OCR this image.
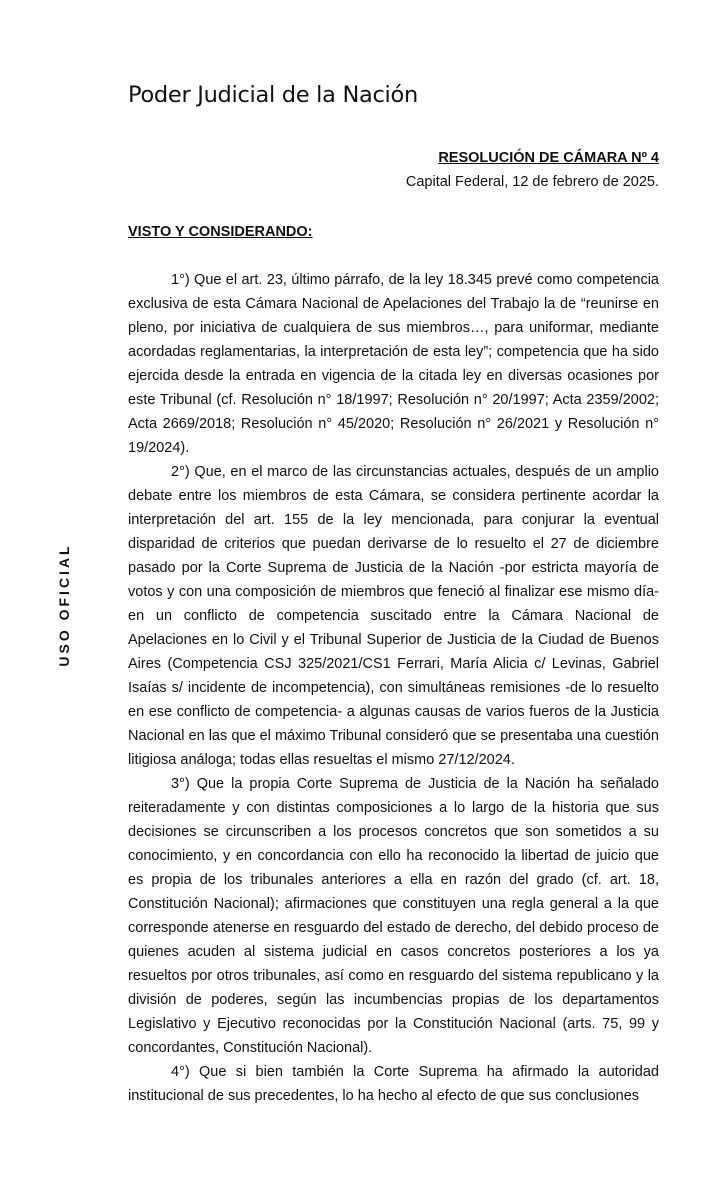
Poder Judicial de la Nación
USO OFICIAL
RESOLUCIÓN DE CÁMARA Nº 4
Capital Federal, 12 de febrero de 2025.
VISTO Y CONSIDERANDO:

1°) Que el art. 23, último párrafo, de la ley 18.345 prevé como competencia exclusiva de esta Cámara Nacional de Apelaciones del Trabajo la de “reunirse en pleno, por iniciativa de cualquiera de sus miembros…, para uniformar, mediante acordadas reglamentarias, la interpretación de esta ley”; competencia que ha sido ejercida desde la entrada en vigencia de la citada ley en diversas ocasiones por este Tribunal (cf. Resolución n° 18/1997; Resolución n° 20/1997; Acta 2359/2002; Acta 2669/2018; Resolución n° 45/2020; Resolución n° 26/2021 y Resolución n° 19/2024).

2°) Que, en el marco de las circunstancias actuales, después de un amplio debate entre los miembros de esta Cámara, se considera pertinente acordar la interpretación del art. 155 de la ley mencionada, para conjurar la eventual disparidad de criterios que puedan derivarse de lo resuelto el 27 de diciembre pasado por la Corte Suprema de Justicia de la Nación -por estricta mayoría de votos y con una composición de miembros que feneció al finalizar ese mismo día- en un conflicto de competencia suscitado entre la Cámara Nacional de Apelaciones en lo Civil y el Tribunal Superior de Justicia de la Ciudad de Buenos Aires (Competencia CSJ 325/2021/CS1 Ferrari, María Alicia c/ Levinas, Gabriel Isaías s/ incidente de incompetencia), con simultáneas remisiones -de lo resuelto en ese conflicto de competencia- a algunas causas de varios fueros de la Justicia Nacional en las que el máximo Tribunal consideró que se presentaba una cuestión litigiosa análoga; todas ellas resueltas el mismo 27/12/2024.

3°) Que la propia Corte Suprema de Justicia de la Nación ha señalado reiteradamente y con distintas composiciones a lo largo de la historia que sus decisiones se circunscriben a los procesos concretos que son sometidos a su conocimiento, y en concordancia con ello ha reconocido la libertad de juicio que es propia de los tribunales anteriores a ella en razón del grado (cf. art. 18, Constitución Nacional); afirmaciones que constituyen una regla general a la que corresponde atenerse en resguardo del estado de derecho, del debido proceso de quienes acuden al sistema judicial en casos concretos posteriores a los ya resueltos por otros tribunales, así como en resguardo del sistema republicano y la división de poderes, según las incumbencias propias de los departamentos Legislativo y Ejecutivo reconocidas por la Constitución Nacional (arts. 75, 99 y concordantes, Constitución Nacional).

4°) Que si bien también la Corte Suprema ha afirmado la autoridad institucional de sus precedentes, lo ha hecho al efecto de que sus conclusiones
